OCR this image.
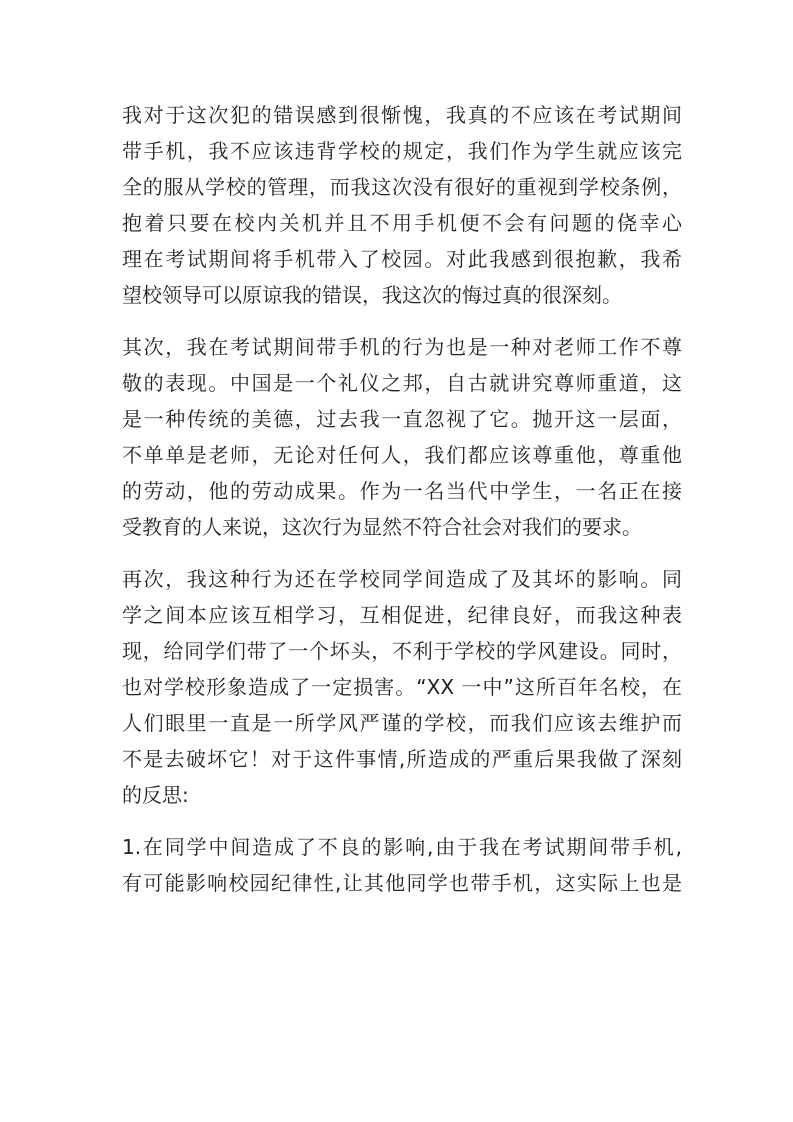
我对于这次犯的错误感到很惭愧，我真的不应该在考试期间
带手机，我不应该违背学校的规定，我们作为学生就应该完
全的服从学校的管理，而我这次没有很好的重视到学校条例，
抱着只要在校内关机并且不用手机便不会有问题的侥幸心
理在考试期间将手机带入了校园。对此我感到很抱歉，我希
望校领导可以原谅我的错误，我这次的悔过真的很深刻。

其次，我在考试期间带手机的行为也是一种对老师工作不尊
敬的表现。中国是一个礼仪之邦，自古就讲究尊师重道，这
是一种传统的美德，过去我一直忽视了它。抛开这一层面，
不单单是老师，无论对任何人，我们都应该尊重他，尊重他
的劳动，他的劳动成果。作为一名当代中学生，一名正在接
受教育的人来说，这次行为显然不符合社会对我们的要求。

再次，我这种行为还在学校同学间造成了及其坏的影响。同
学之间本应该互相学习，互相促进，纪律良好，而我这种表
现，给同学们带了一个坏头，不利于学校的学风建设。同时，
也对学校形象造成了一定损害。“XX 一中”这所百年名校，在
人们眼里一直是一所学风严谨的学校，而我们应该去维护而
不是去破坏它！对于这件事情,所造成的严重后果我做了深刻
的反思:

1.在同学中间造成了不良的影响,由于我在考试期间带手机,
有可能影响校园纪律性,让其他同学也带手机，这实际上也是
